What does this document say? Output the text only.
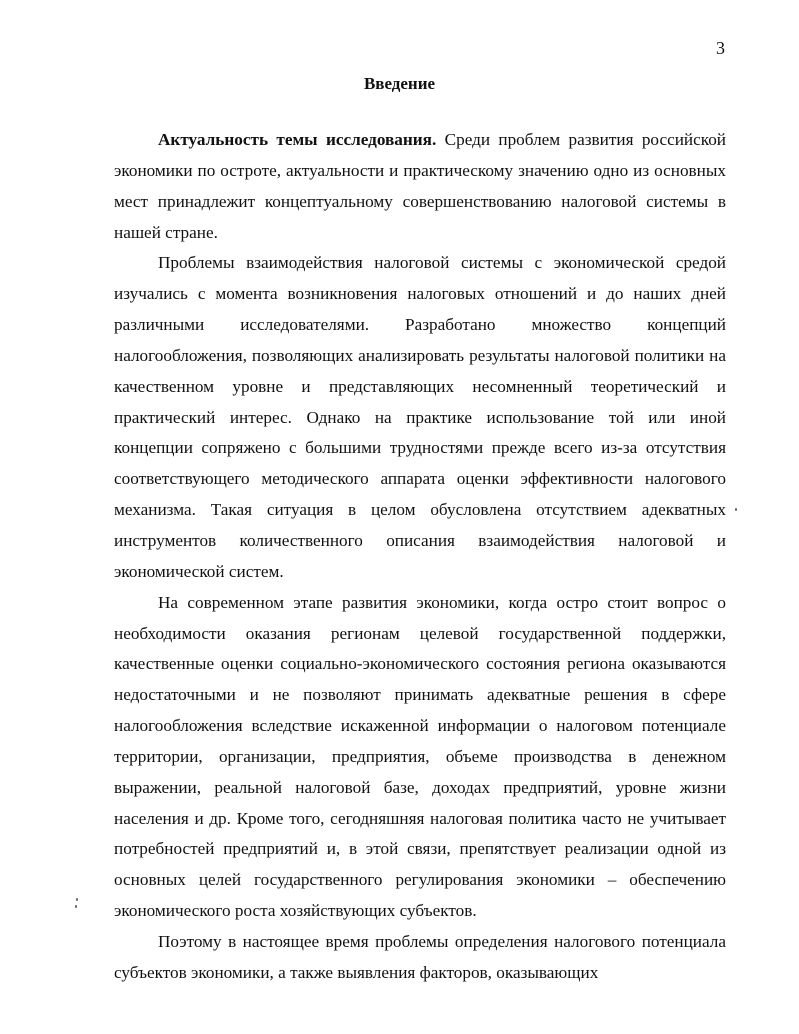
3
Введение

Актуальность темы исследования. Среди проблем развития российской экономики по остроте, актуальности и практическому значению одно из основных мест принадлежит концептуальному совершенствованию налоговой системы в нашей стране.

Проблемы взаимодействия налоговой системы с экономической средой изучались с момента возникновения налоговых отношений и до наших дней различными исследователями. Разработано множество концепций налогообложения, позволяющих анализировать результаты налоговой политики на качественном уровне и представляющих несомненный теоретический и практический интерес. Однако на практике использование той или иной концепции сопряжено с большими трудностями прежде всего из-за отсутствия соответствующего методического аппарата оценки эффективности налогового механизма. Такая ситуация в целом обусловлена отсутствием адекватных инструментов количественного описания взаимодействия налоговой и экономической систем.

На современном этапе развития экономики, когда остро стоит вопрос о необходимости оказания регионам целевой государственной поддержки, качественные оценки социально-экономического состояния региона оказываются недостаточными и не позволяют принимать адекватные решения в сфере налогообложения вследствие искаженной информации о налоговом потенциале территории, организации, предприятия, объеме производства в денежном выражении, реальной налоговой базе, доходах предприятий, уровне жизни населения и др. Кроме того, сегодняшняя налоговая политика часто не учитывает потребностей предприятий и, в этой связи, препятствует реализации одной из основных целей государственного регулирования экономики – обеспечению экономического роста хозяйствующих субъектов.

Поэтому в настоящее время проблемы определения налогового потенциала субъектов экономики, а также выявления факторов, оказывающих
